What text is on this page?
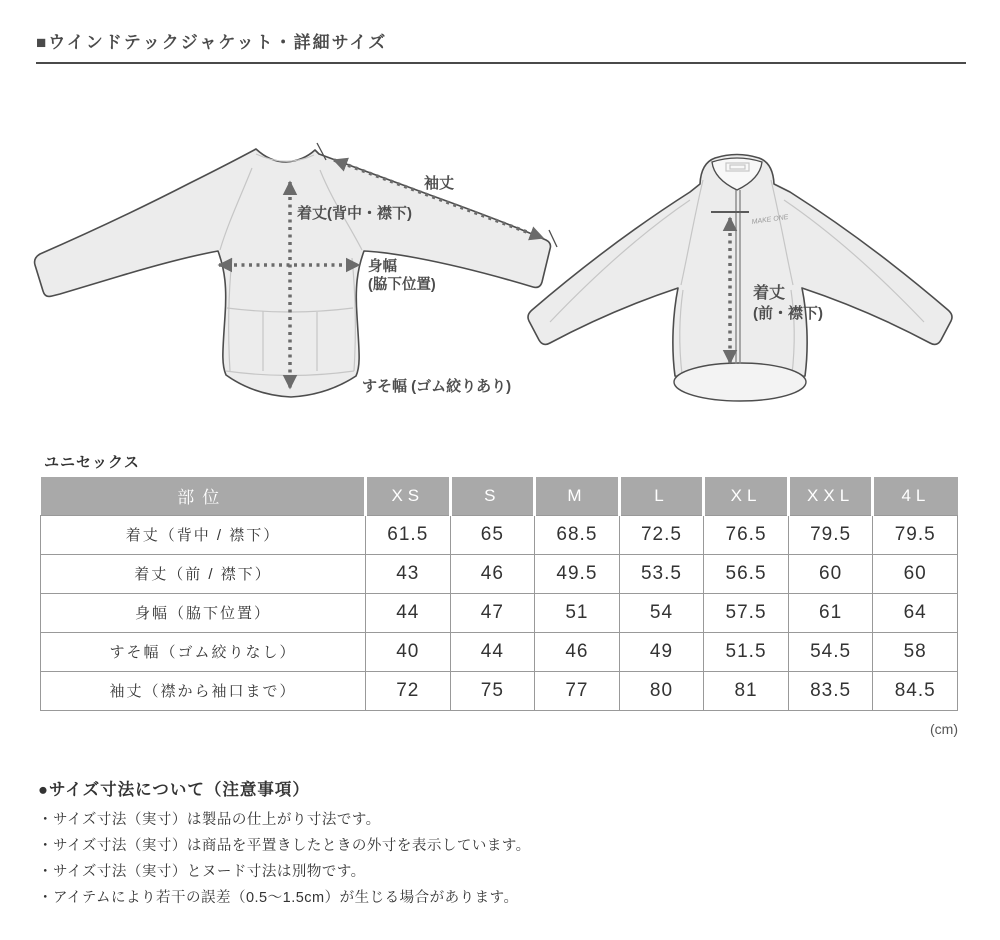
■ウインドテックジャケット・詳細サイズ
袖丈
着丈(背中・襟下)
身幅
(脇下位置)
すそ幅 (ゴム絞りあり)
MAKE ONE
着丈
(前・襟下)
ユニセックス
部位	XS	S	M	L	XL	XXL	4L
着丈（背中 / 襟下）	61.5	65	68.5	72.5	76.5	79.5	79.5
着丈（前 / 襟下）	43	46	49.5	53.5	56.5	60	60
身幅（脇下位置）	44	47	51	54	57.5	61	64
すそ幅（ゴム絞りなし）	40	44	46	49	51.5	54.5	58
袖丈（襟から袖口まで）	72	75	77	80	81	83.5	84.5
(cm)
●サイズ寸法について（注意事項）
・サイズ寸法（実寸）は製品の仕上がり寸法です。
・サイズ寸法（実寸）は商品を平置きしたときの外寸を表示しています。
・サイズ寸法（実寸）とヌード寸法は別物です。
・アイテムにより若干の誤差（0.5〜1.5cm）が生じる場合があります。
